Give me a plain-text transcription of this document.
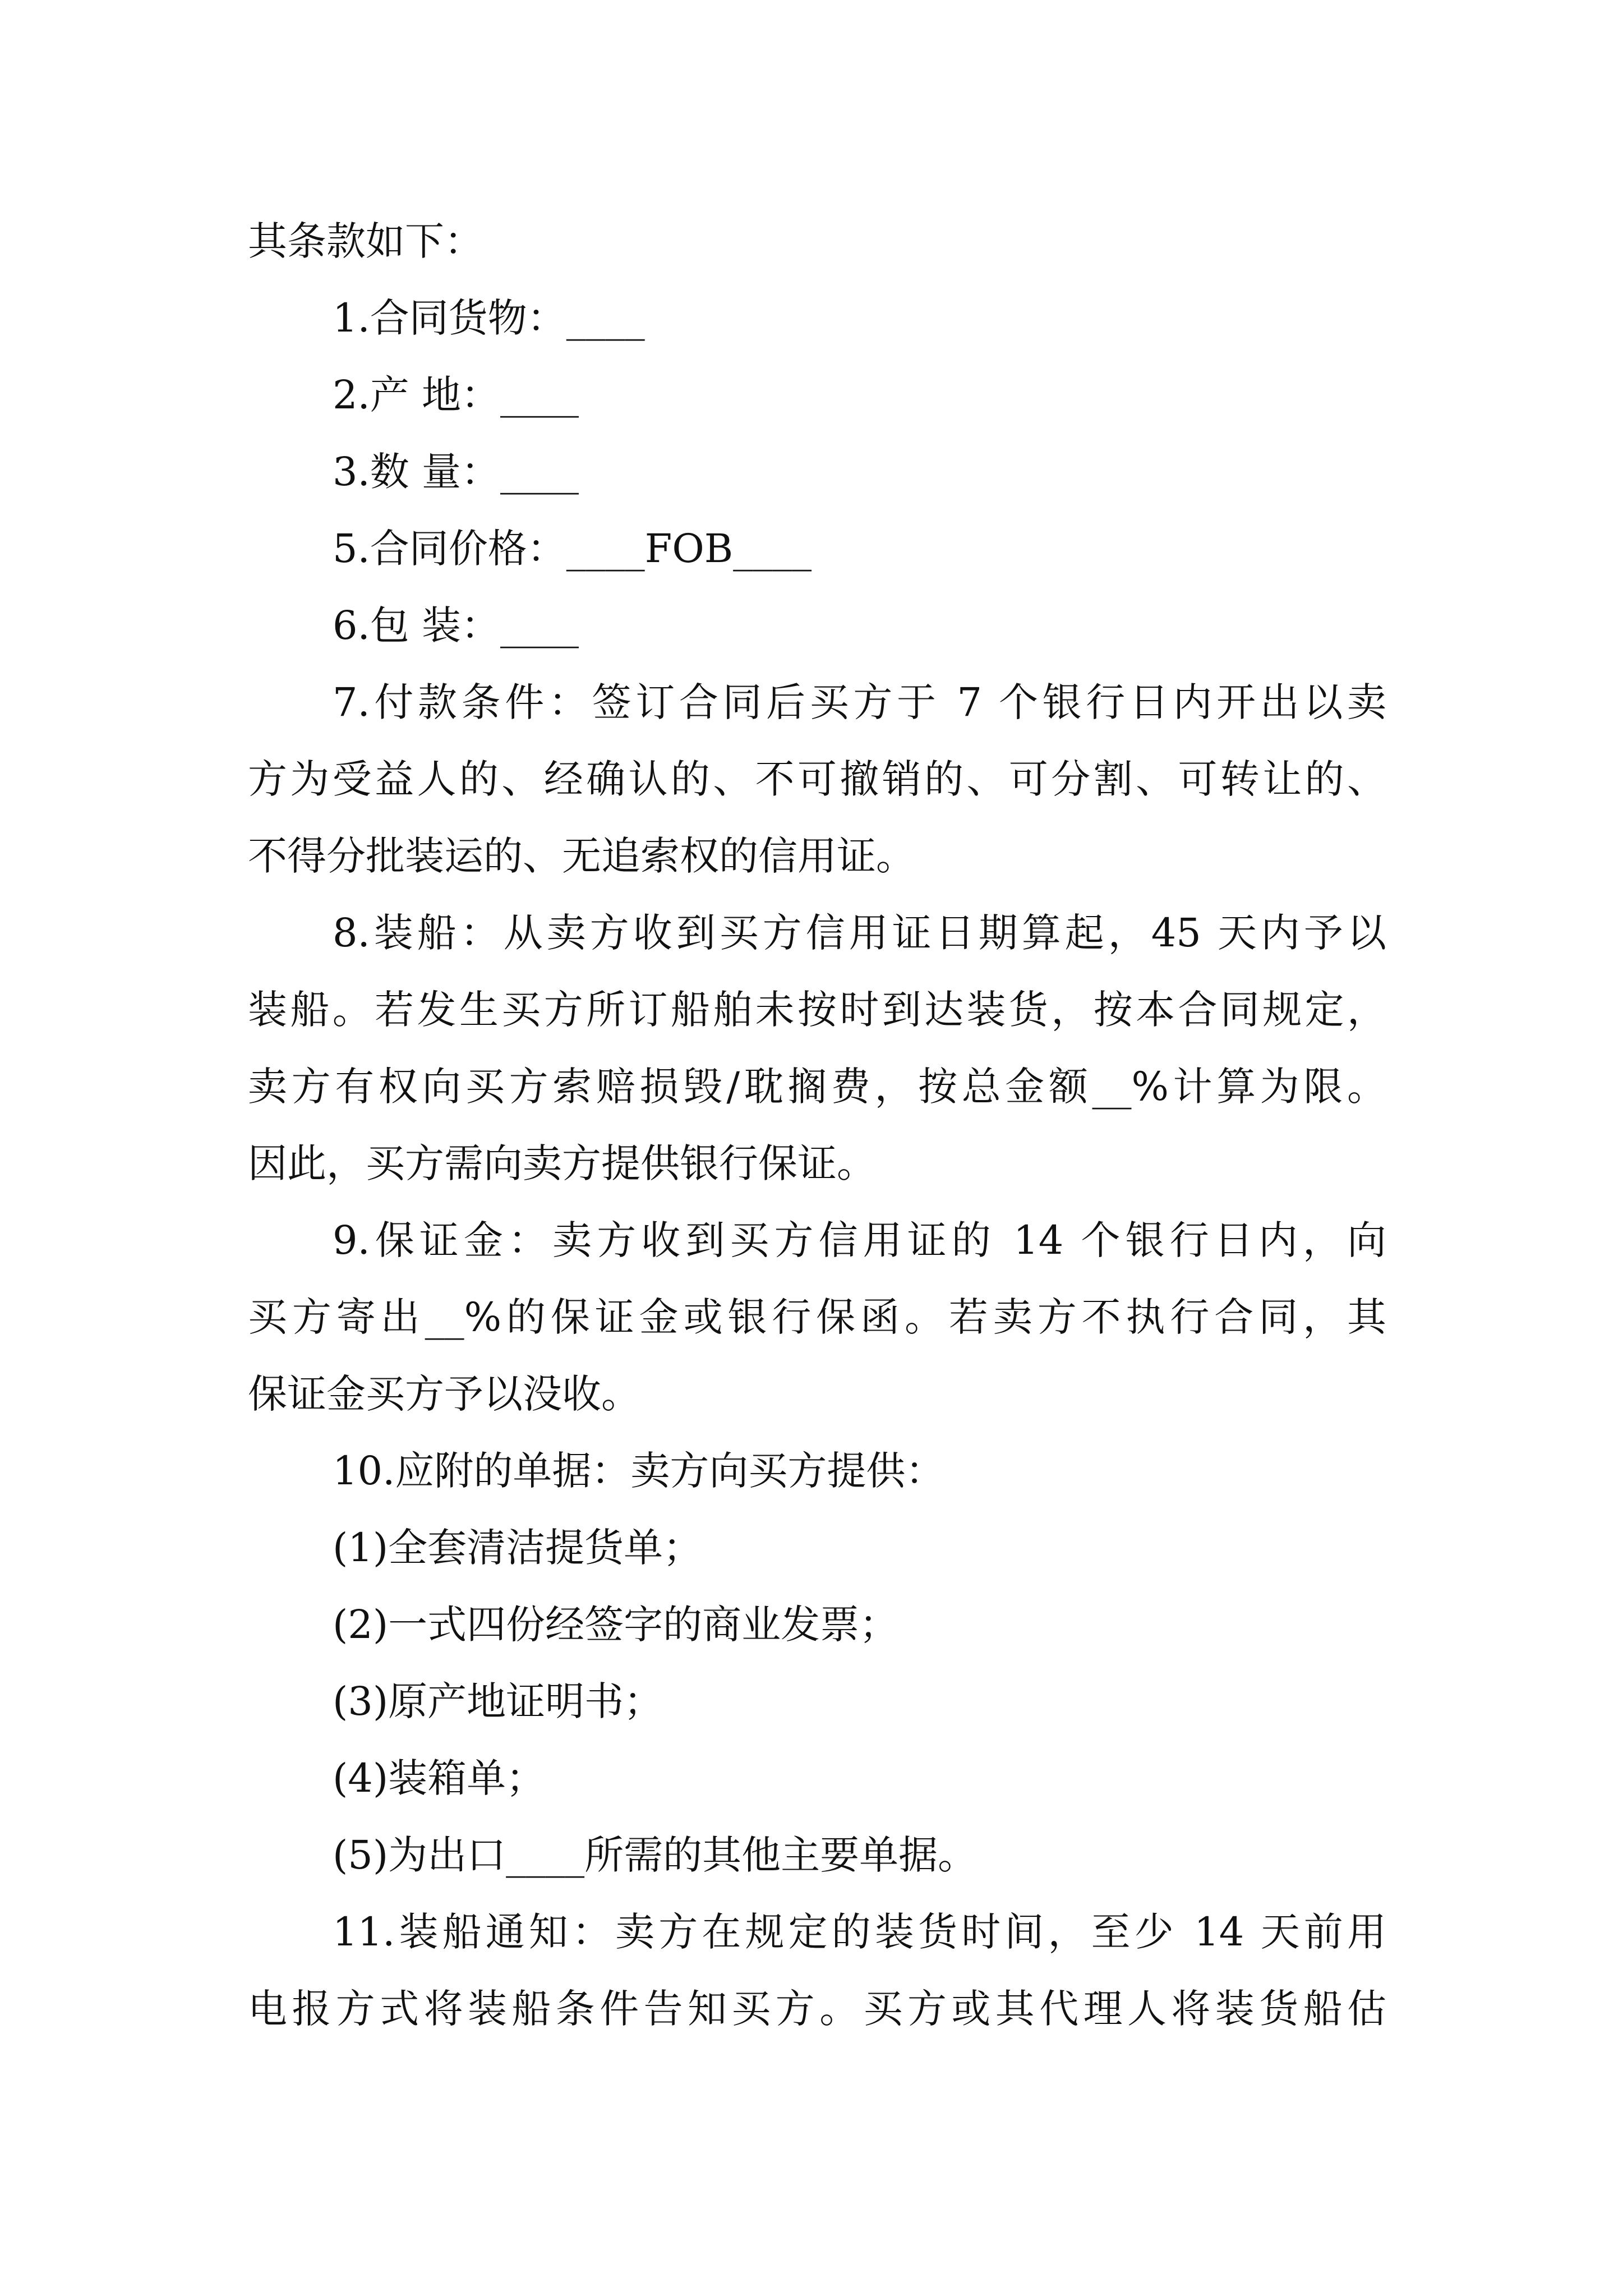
其条款如下：
1.合同货物：____
2.产 地：____
3.数 量：____
5.合同价格：____FOB____
6.包 装：____
7.付款条件：签订合同后买方于 7 个银行日内开出以卖
方为受益人的、经确认的、不可撤销的、可分割、可转让的、
不得分批装运的、无追索权的信用证。
8.装船：从卖方收到买方信用证日期算起，45 天内予以
装船。若发生买方所订船舶未按时到达装货，按本合同规定，
卖方有权向买方索赔损毁/耽搁费，按总金额__%计算为限。
因此，买方需向卖方提供银行保证。
9.保证金：卖方收到买方信用证的 14 个银行日内，向
买方寄出__%的保证金或银行保函。若卖方不执行合同，其
保证金买方予以没收。
10.应附的单据：卖方向买方提供：
(1)全套清洁提货单；
(2)一式四份经签字的商业发票；
(3)原产地证明书；
(4)装箱单；
(5)为出口____所需的其他主要单据。
11.装船通知：卖方在规定的装货时间，至少 14 天前用
电报方式将装船条件告知买方。买方或其代理人将装货船估
